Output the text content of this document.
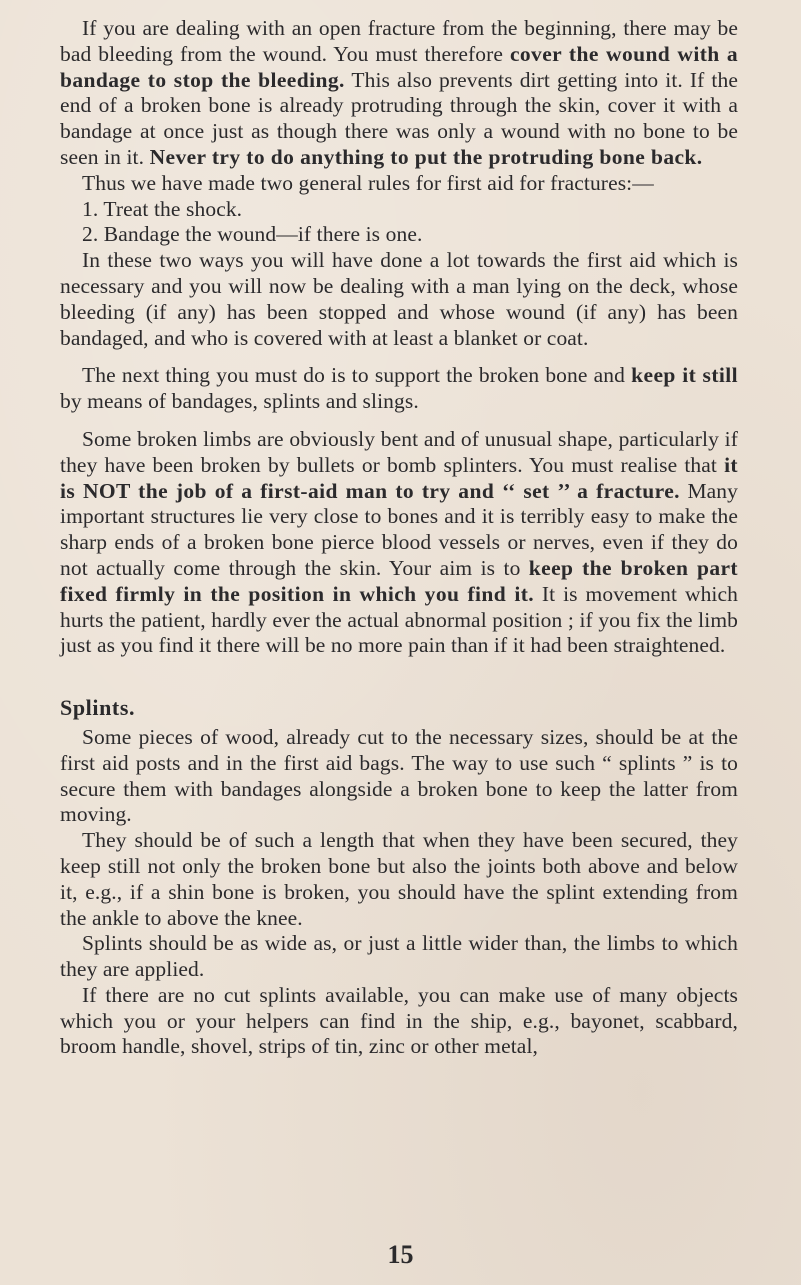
If you are dealing with an open fracture from the beginning, there may be bad bleeding from the wound. You must therefore cover the wound with a bandage to stop the bleeding. This also prevents dirt getting into it. If the end of a broken bone is already protruding through the skin, cover it with a bandage at once just as though there was only a wound with no bone to be seen in it. Never try to do anything to put the protruding bone back.

Thus we have made two general rules for first aid for fractures:—

1. Treat the shock.

2. Bandage the wound—if there is one.

In these two ways you will have done a lot towards the first aid which is necessary and you will now be dealing with a man lying on the deck, whose bleeding (if any) has been stopped and whose wound (if any) has been bandaged, and who is covered with at least a blanket or coat.

The next thing you must do is to support the broken bone and keep it still by means of bandages, splints and slings.

Some broken limbs are obviously bent and of unusual shape, particularly if they have been broken by bullets or bomb splinters. You must realise that it is NOT the job of a first-aid man to try and ‘‘ set ’’ a fracture. Many important structures lie very close to bones and it is terribly easy to make the sharp ends of a broken bone pierce blood vessels or nerves, even if they do not actually come through the skin. Your aim is to keep the broken part fixed firmly in the position in which you find it. It is movement which hurts the patient, hardly ever the actual abnormal position ; if you fix the limb just as you find it there will be no more pain than if it had been straightened.

Splints.

Some pieces of wood, already cut to the necessary sizes, should be at the first aid posts and in the first aid bags. The way to use such “ splints ” is to secure them with bandages alongside a broken bone to keep the latter from moving.

They should be of such a length that when they have been secured, they keep still not only the broken bone but also the joints both above and below it, e.g., if a shin bone is broken, you should have the splint extending from the ankle to above the knee.

Splints should be as wide as, or just a little wider than, the limbs to which they are applied.

If there are no cut splints available, you can make use of many objects which you or your helpers can find in the ship, e.g., bayonet, scabbard, broom handle, shovel, strips of tin, zinc or other metal,

15
